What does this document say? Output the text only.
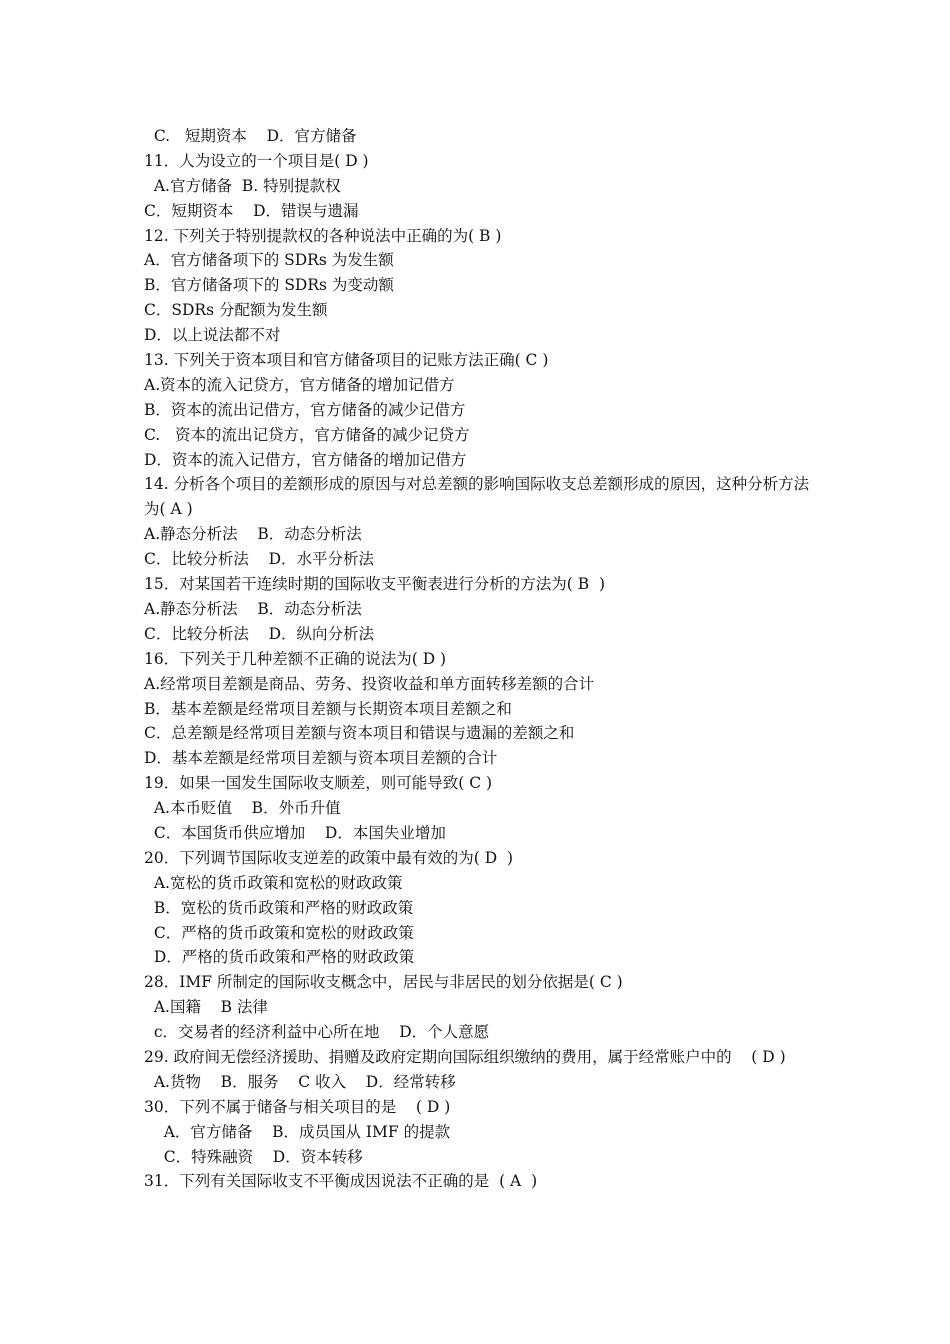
C.   短期资本    D．官方储备
11．人为设立的一个项目是( D )
A.官方储备  B. 特别提款权
C．短期资本    D．错误与遗漏
12. 下列关于特别提款权的各种说法中正确的为( B )
A．官方储备项下的 SDRs 为发生额
B．官方储备项下的 SDRs 为变动额
C．SDRs 分配额为发生额
D．以上说法都不对
13. 下列关于资本项目和官方储备项目的记账方法正确( C )
A.资本的流入记贷方，官方储备的增加记借方
B．资本的流出记借方，官方储备的减少记借方
C.   资本的流出记贷方，官方储备的减少记贷方
D．资本的流入记借方，官方储备的增加记借方
14. 分析各个项目的差额形成的原因与对总差额的影响国际收支总差额形成的原因，这种分析方法为( A )
A.静态分析法    B．动态分析法
C．比较分析法    D．水平分析法
15．对某国若干连续时期的国际收支平衡表进行分析的方法为( B  )
A.静态分析法    B．动态分析法
C．比较分析法    D．纵向分析法
16．下列关于几种差额不正确的说法为( D )
A.经常项目差额是商品、劳务、投资收益和单方面转移差额的合计
B．基本差额是经常项目差额与长期资本项目差额之和
C．总差额是经常项目差额与资本项目和错误与遗漏的差额之和
D．基本差额是经常项目差额与资本项目差额的合计
19．如果一国发生国际收支顺差，则可能导致( C )
A.本币贬值    B．外币升值
C．本国货币供应增加    D．本国失业增加
20．下列调节国际收支逆差的政策中最有效的为( D  )
A.宽松的货币政策和宽松的财政政策
B．宽松的货币政策和严格的财政政策
C．严格的货币政策和宽松的财政政策
D．严格的货币政策和严格的财政政策
28．IMF 所制定的国际收支概念中，居民与非居民的划分依据是( C )
A.国籍    B 法律
c．交易者的经济利益中心所在地    D．个人意愿
29. 政府间无偿经济援助、捐赠及政府定期向国际组织缴纳的费用，属于经常账户中的    ( D )
A.货物    B．服务    C 收入    D．经常转移
30．下列不属于储备与相关项目的是    ( D )
A．官方储备    B．成员国从 IMF 的提款
C．特殊融资    D．资本转移
31．下列有关国际收支不平衡成因说法不正确的是  ( A  )
